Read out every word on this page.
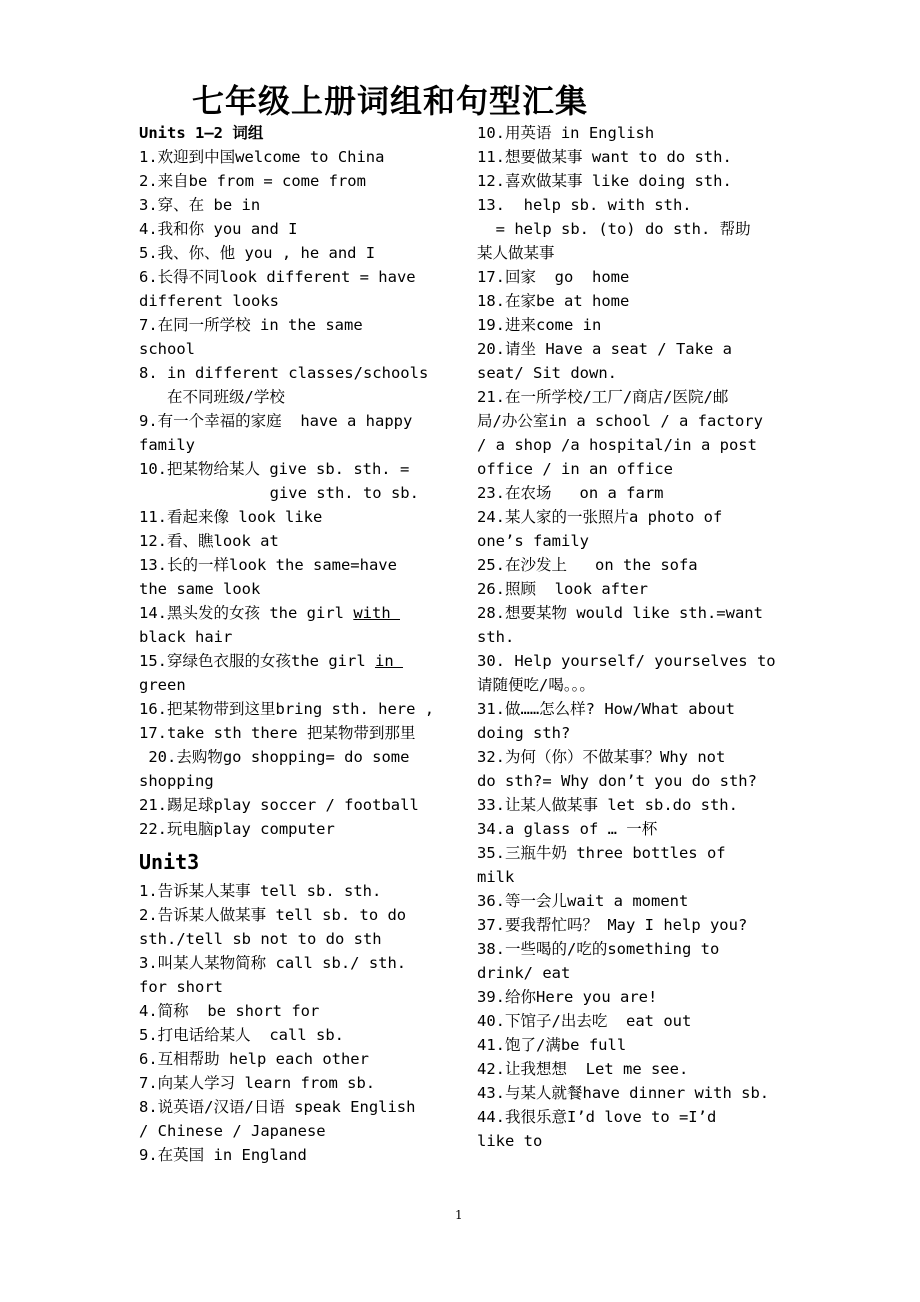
七年级上册词组和句型汇集
Units 1—2 词组
1.欢迎到中国welcome to China
2.来自be from = come from
3.穿、在 be in
4.我和你 you and I
5.我、你、他 you , he and I
6.长得不同look different = have
different looks
7.在同一所学校 in the same
school
8. in different classes/schools
在不同班级/学校
9.有一个幸福的家庭  have a happy
family
10.把某物给某人 give sb. sth. =
give sth. to sb.
11.看起来像 look like
12.看、瞧look at
13.长的一样look the same=have
the same look
14.黑头发的女孩 the girl with
black hair
15.穿绿色衣服的女孩the girl in
green
16.把某物带到这里bring sth. here ,
17.take sth there 把某物带到那里
20.去购物go shopping= do some
shopping
21.踢足球play soccer / football
22.玩电脑play computer
Unit3
1.告诉某人某事 tell sb. sth.
2.告诉某人做某事 tell sb. to do
sth./tell sb not to do sth
3.叫某人某物简称 call sb./ sth.
for short
4.简称  be short for
5.打电话给某人  call sb.
6.互相帮助 help each other
7.向某人学习 learn from sb.
8.说英语/汉语/日语 speak English
/ Chinese / Japanese
9.在英国 in England
10.用英语 in English
11.想要做某事 want to do sth.
12.喜欢做某事 like doing sth.
13.  help sb. with sth.
= help sb. (to) do sth. 帮助
某人做某事
17.回家  go  home
18.在家be at home
19.进来come in
20.请坐 Have a seat / Take a
seat/ Sit down.
21.在一所学校/工厂/商店/医院/邮
局/办公室in a school / a factory
/ a shop /a hospital/in a post
office / in an office
23.在农场   on a farm
24.某人家的一张照片a photo of
one’s family
25.在沙发上   on the sofa
26.照顾  look after
28.想要某物 would like sth.=want
sth.
30. Help yourself/ yourselves to
请随便吃/喝。。。
31.做……怎么样? How/What about
doing sth?
32.为何（你）不做某事？Why not
do sth?= Why don’t you do sth?
33.让某人做某事 let sb.do sth.
34.a glass of … 一杯
35.三瓶牛奶 three bottles of
milk
36.等一会儿wait a moment
37.要我帮忙吗？ May I help you?
38.一些喝的/吃的something to
drink/ eat
39.给你Here you are!
40.下馆子/出去吃  eat out
41.饱了/满be full
42.让我想想  Let me see.
43.与某人就餐have dinner with sb.
44.我很乐意I’d love to =I’d
like to
1
